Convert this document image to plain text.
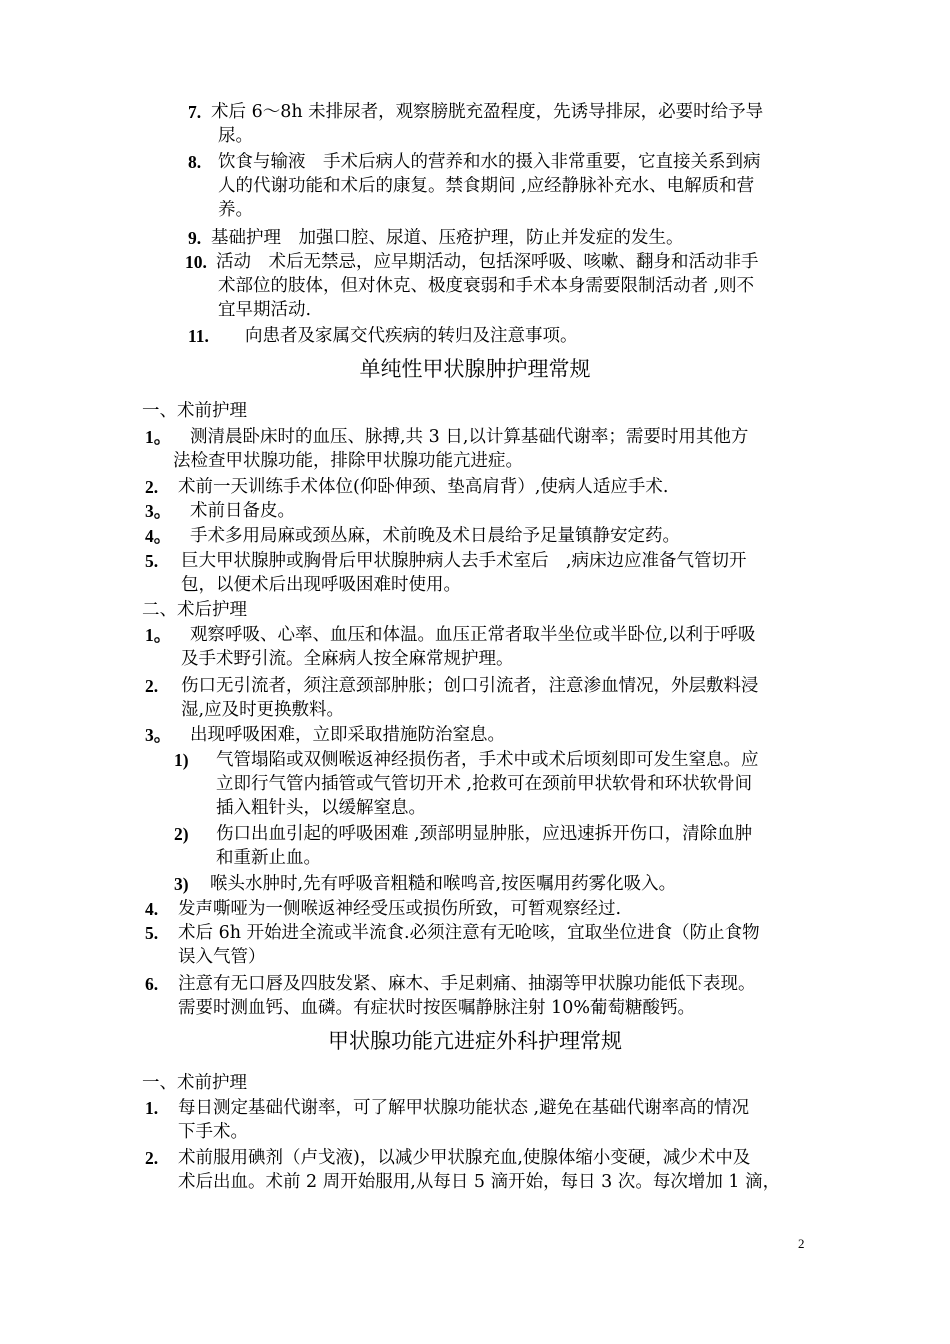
7. 术后 6～8h 未排尿者，观察膀胱充盈程度，先诱导排尿，必要时给予导
尿。
8. 饮食与输液　手术后病人的营养和水的摄入非常重要，它直接关系到病
人的代谢功能和术后的康复。禁食期间 ,应经静脉补充水、电解质和营
养。
9. 基础护理　加强口腔、尿道、压疮护理，防止并发症的发生。
10. 活动　术后无禁忌，应早期活动，包括深呼吸、咳嗽、翻身和活动非手
术部位的肢体，但对休克、极度衰弱和手术本身需要限制活动者 ,则不
宜早期活动.
11. 向患者及家属交代疾病的转归及注意事项。
单纯性甲状腺肿护理常规
一、术前护理
1。 测清晨卧床时的血压、脉搏,共 3 日,以计算基础代谢率；需要时用其他方
法检查甲状腺功能，排除甲状腺功能亢进症。
2. 术前一天训练手术体位(仰卧伸颈、垫高肩背）,使病人适应手术.
3。 术前日备皮。
4。 手术多用局麻或颈丛麻，术前晚及术日晨给予足量镇静安定药。
5. 巨大甲状腺肿或胸骨后甲状腺肿病人去手术室后　,病床边应准备气管切开
包，以便术后出现呼吸困难时使用。
二、术后护理
1。 观察呼吸、心率、血压和体温。血压正常者取半坐位或半卧位,以利于呼吸
及手术野引流。全麻病人按全麻常规护理。
2. 伤口无引流者，须注意颈部肿胀；创口引流者，注意渗血情况，外层敷料浸
湿,应及时更换敷料。
3。 出现呼吸困难，立即采取措施防治窒息。
1) 气管塌陷或双侧喉返神经损伤者，手术中或术后顷刻即可发生窒息。应
立即行气管内插管或气管切开术 ,抢救可在颈前甲状软骨和环状软骨间
插入粗针头，以缓解窒息。
2) 伤口出血引起的呼吸困难 ,颈部明显肿胀，应迅速拆开伤口，清除血肿
和重新止血。
3) 喉头水肿时,先有呼吸音粗糙和喉鸣音,按医嘱用药雾化吸入。
4. 发声嘶哑为一侧喉返神经受压或损伤所致，可暂观察经过.
5. 术后 6h 开始进全流或半流食.必须注意有无呛咳，宜取坐位进食（防止食物
误入气管）
6. 注意有无口唇及四肢发紧、麻木、手足刺痛、抽溺等甲状腺功能低下表现。
需要时测血钙、血磷。有症状时按医嘱静脉注射 10%葡萄糖酸钙。
甲状腺功能亢进症外科护理常规
一、术前护理
1. 每日测定基础代谢率，可了解甲状腺功能状态 ,避免在基础代谢率高的情况
下手术。
2. 术前服用碘剂（卢戈液)，以减少甲状腺充血,使腺体缩小变硬，减少术中及
术后出血。术前 2 周开始服用,从每日 5 滴开始，每日 3 次。每次增加 1 滴，
2
